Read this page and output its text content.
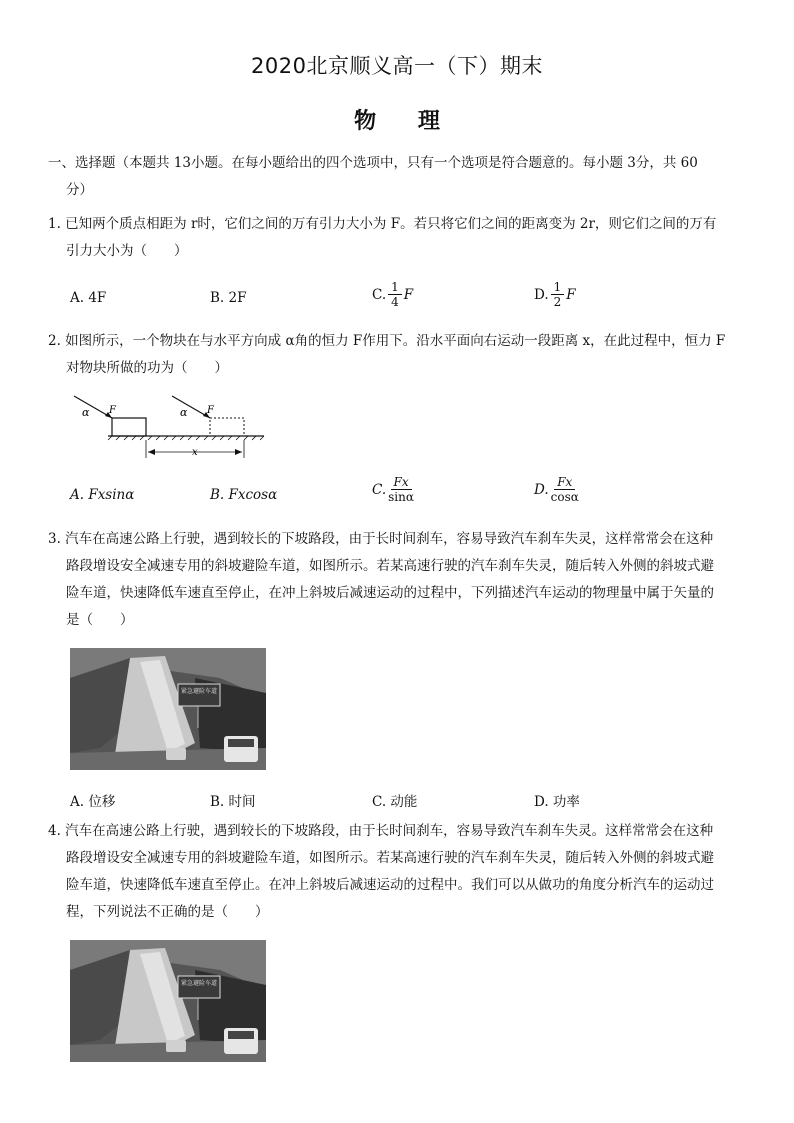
2020北京顺义高一（下）期末
物 理
一、选择题（本题共 13小题。在每小题给出的四个选项中，只有一个选项是符合题意的。每小题 3分，共 60
分）
1. 已知两个质点相距为 r时，它们之间的万有引力大小为 F。若只将它们之间的距离变为 2r，则它们之间的万有
引力大小为（　　）
A. 4F	B. 2F	C. $\frac{1}{4}$ F	D. $\frac{1}{2}$ F
2. 如图所示，一个物块在与水平方向成 α角的恒力 F作用下。沿水平面向右运动一段距离 x，在此过程中，恒力 F
对物块所做的功为（　　）
α F	α F
x
A. Fxsinα	B. Fxcosα	C. $\frac{Fx}{\sin\alpha}$	D. $\frac{Fx}{\cos\alpha}$
3. 汽车在高速公路上行驶，遇到较长的下坡路段，由于长时间刹车，容易导致汽车刹车失灵，这样常常会在这种
路段增设安全减速专用的斜坡避险车道，如图所示。若某高速行驶的汽车刹车失灵，随后转入外侧的斜坡式避
险车道，快速降低车速直至停止，在冲上斜坡后减速运动的过程中，下列描述汽车运动的物理量中属于矢量的
是（　　）
紧急避险车道
A. 位移	B. 时间	C. 动能	D. 功率
4. 汽车在高速公路上行驶，遇到较长的下坡路段，由于长时间刹车，容易导致汽车刹车失灵。这样常常会在这种
路段增设安全减速专用的斜坡避险车道，如图所示。若某高速行驶的汽车刹车失灵，随后转入外侧的斜坡式避
险车道，快速降低车速直至停止。在冲上斜坡后减速运动的过程中。我们可以从做功的角度分析汽车的运动过
程，下列说法不正确的是（　　）
紧急避险车道
